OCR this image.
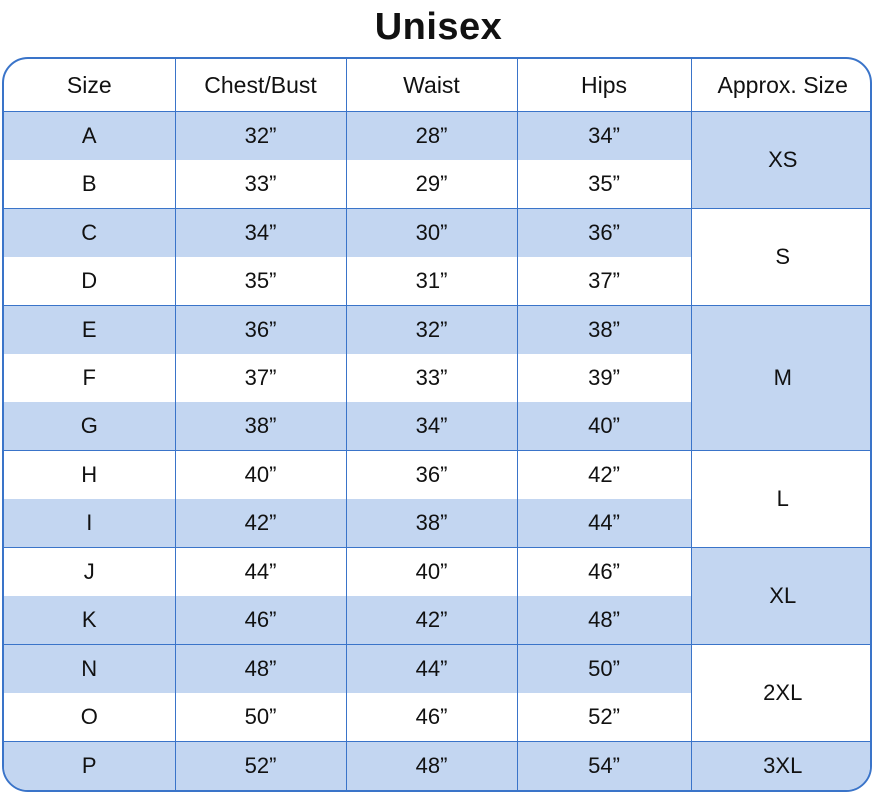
Unisex
Size	Chest/Bust	Waist	Hips	Approx. Size
A	32”	28”	34”	XS
B	33”	29”	35”	
C	34”	30”	36”	S
D	35”	31”	37”	
E	36”	32”	38”	M
F	37”	33”	39”	
G	38”	34”	40”	
H	40”	36”	42”	L
I	42”	38”	44”	
J	44”	40”	46”	XL
K	46”	42”	48”	
N	48”	44”	50”	2XL
O	50”	46”	52”	
P	52”	48”	54”	3XL
